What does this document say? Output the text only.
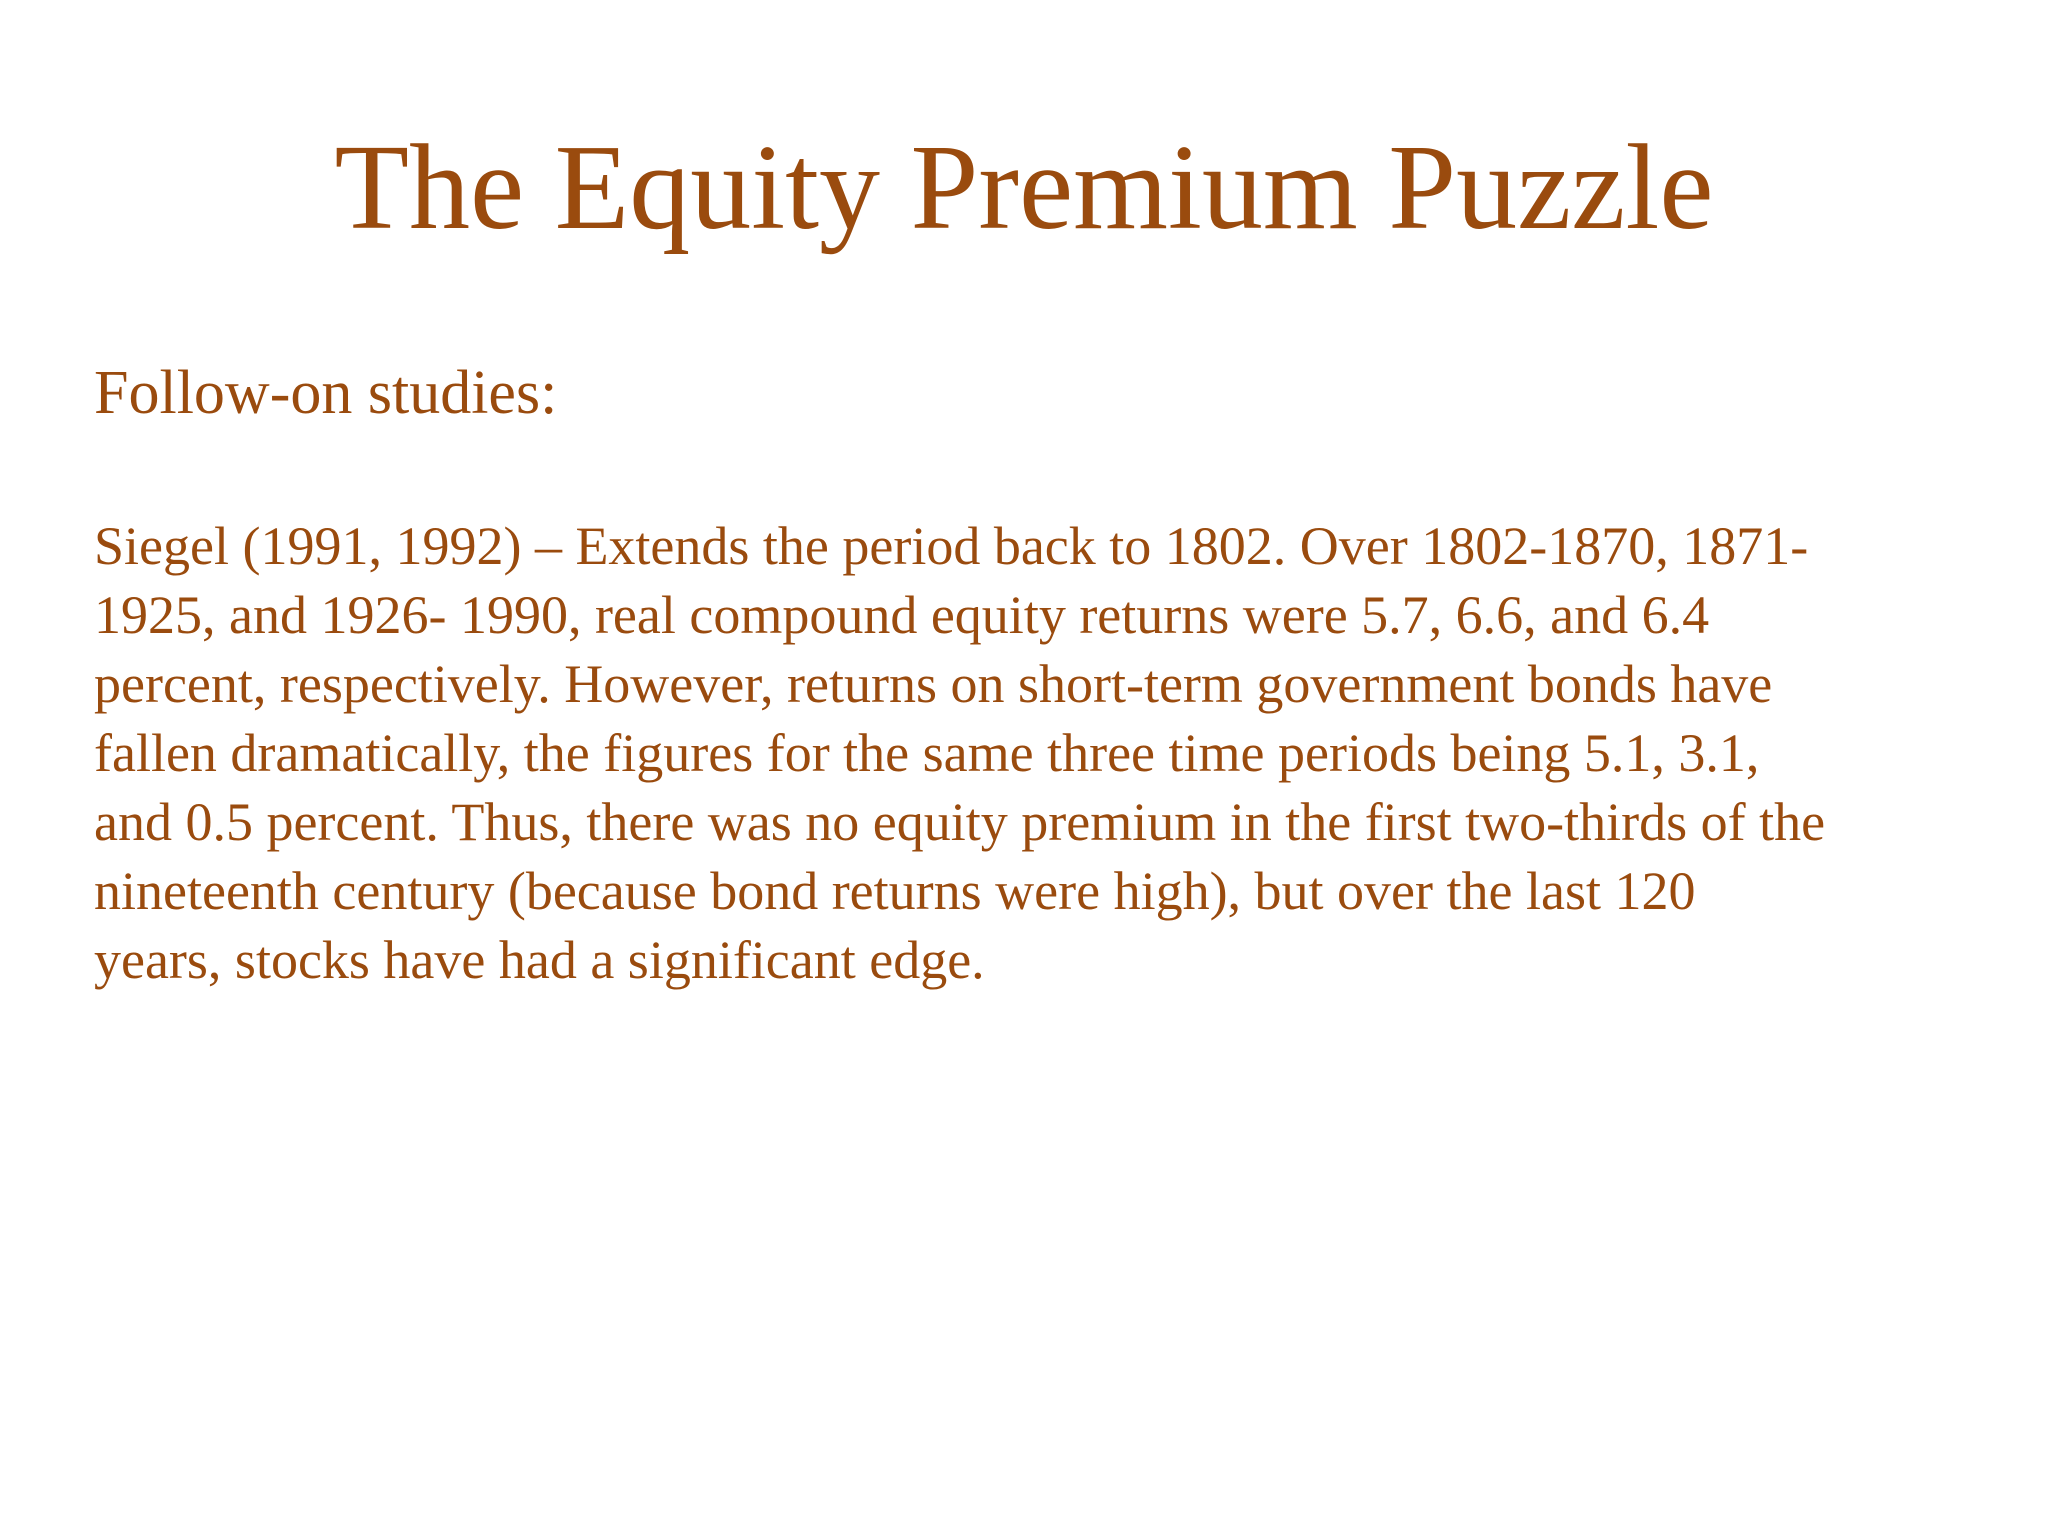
The Equity Premium Puzzle

Follow-on studies:

Siegel (1991, 1992) – Extends the period back to 1802. Over 1802-1870, 1871-
1925, and 1926- 1990, real compound equity returns were 5.7, 6.6, and 6.4
percent, respectively. However, returns on short-term government bonds have
fallen dramatically, the figures for the same three time periods being 5.1, 3.1,
and 0.5 percent. Thus, there was no equity premium in the first two-thirds of the
nineteenth century (because bond returns were high), but over the last 120
years, stocks have had a significant edge.
